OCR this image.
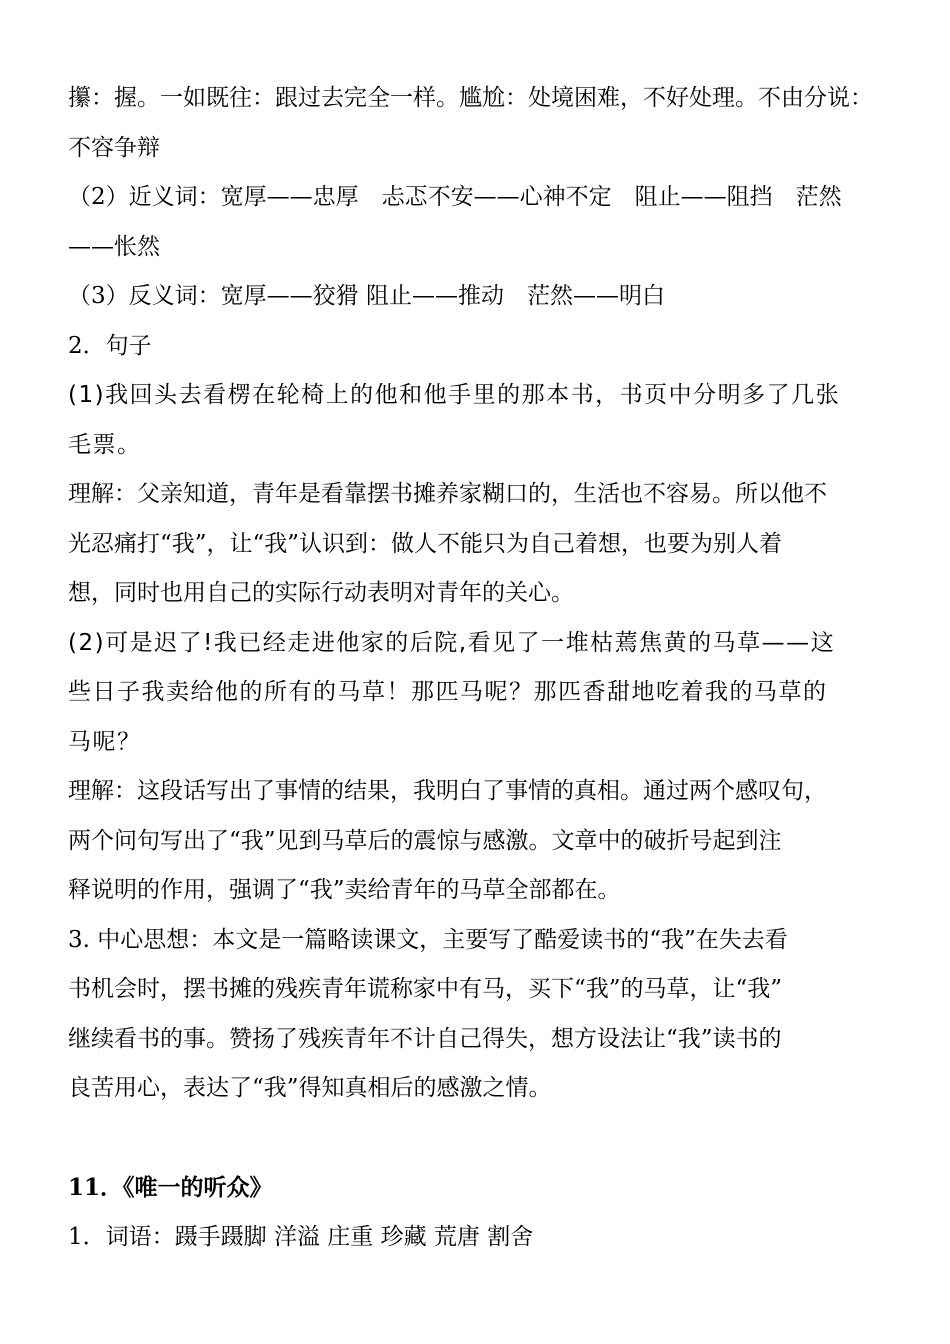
攥：握。一如既往：跟过去完全一样。尴尬：处境困难，不好处理。不由分说：
不容争辩
（2）近义词：宽厚——忠厚　忐忑不安——心神不定　阻止——阻挡　茫然
——怅然
（3）反义词：宽厚——狡猾 阻止——推动　茫然——明白
2．句子
(1)我回头去看楞在轮椅上的他和他手里的那本书，书页中分明多了几张
毛票。
理解：父亲知道，青年是看靠摆书摊养家糊口的，生活也不容易。所以他不
光忍痛打“我”，让“我”认识到：做人不能只为自己着想，也要为别人着
想，同时也用自己的实际行动表明对青年的关心。
(2)可是迟了!我已经走进他家的后院,看见了一堆枯蔫焦黄的马草——这
些日子我卖给他的所有的马草！那匹马呢？那匹香甜地吃着我的马草的
马呢？
理解：这段话写出了事情的结果，我明白了事情的真相。通过两个感叹句，
两个问句写出了“我”见到马草后的震惊与感激。文章中的破折号起到注
释说明的作用，强调了“我”卖给青年的马草全部都在。
3. 中心思想：本文是一篇略读课文，主要写了酷爱读书的“我”在失去看
书机会时，摆书摊的残疾青年谎称家中有马，买下“我”的马草，让“我”
继续看书的事。赞扬了残疾青年不计自己得失，想方设法让“我”读书的
良苦用心，表达了“我”得知真相后的感激之情。
11．《唯一的听众》
1．词语：蹑手蹑脚 洋溢 庄重 珍藏 荒唐 割舍
